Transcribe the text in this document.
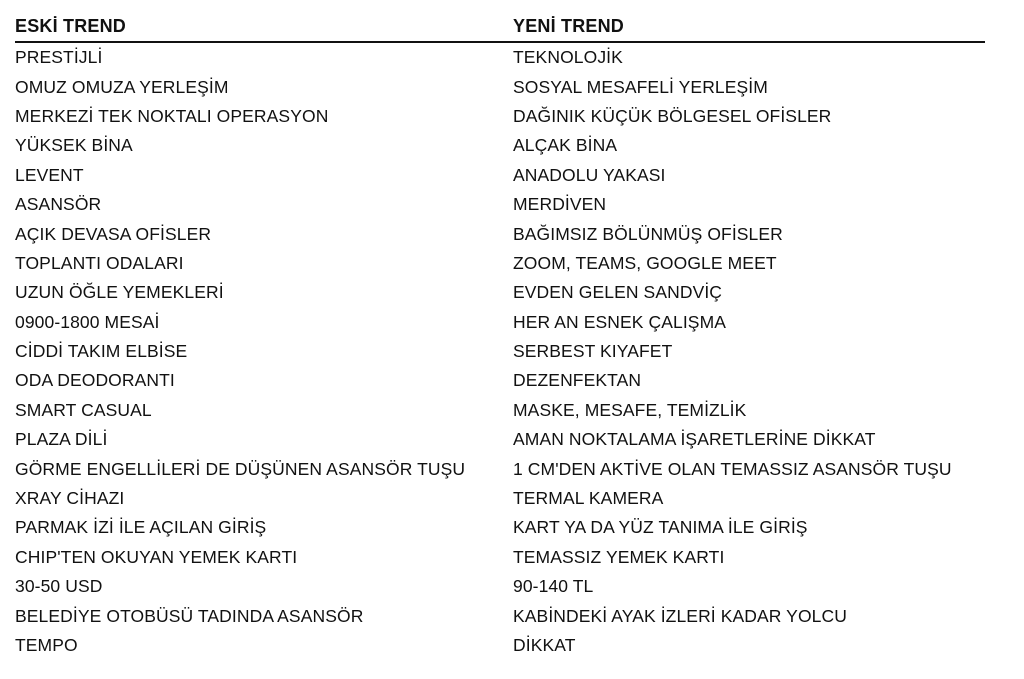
ESKİ TREND	YENİ TREND
PRESTİJLİ	TEKNOLOJİK
OMUZ OMUZA YERLEŞİM	SOSYAL MESAFELİ YERLEŞİM
MERKEZİ TEK NOKTALI OPERASYON	DAĞINIK KÜÇÜK BÖLGESEL OFİSLER
YÜKSEK BİNA	ALÇAK BİNA
LEVENT	ANADOLU YAKASI
ASANSÖR	MERDİVEN
AÇIK DEVASA OFİSLER	BAĞIMSIZ BÖLÜNMÜŞ OFİSLER
TOPLANTI ODALARI	ZOOM, TEAMS, GOOGLE MEET
UZUN ÖĞLE YEMEKLERİ	EVDEN GELEN SANDVİÇ
0900-1800 MESAİ	HER AN ESNEK ÇALIŞMA
CİDDİ TAKIM ELBİSE	SERBEST KIYAFET
ODA DEODORANTI	DEZENFEKTAN
SMART CASUAL	MASKE, MESAFE, TEMİZLİK
PLAZA DİLİ	AMAN NOKTALAMA İŞARETLERİNE DİKKAT
GÖRME ENGELLİLERİ DE DÜŞÜNEN ASANSÖR TUŞU	1 CM'DEN AKTİVE OLAN TEMASSIZ ASANSÖR TUŞU
XRAY CİHAZI	TERMAL KAMERA
PARMAK İZİ İLE AÇILAN GİRİŞ	KART YA DA YÜZ TANIMA İLE GİRİŞ
CHIP'TEN OKUYAN YEMEK KARTI	TEMASSIZ YEMEK KARTI
30-50 USD	90-140 TL
BELEDİYE OTOBÜSÜ TADINDA ASANSÖR	KABİNDEKİ AYAK İZLERİ KADAR YOLCU
TEMPO	DİKKAT
